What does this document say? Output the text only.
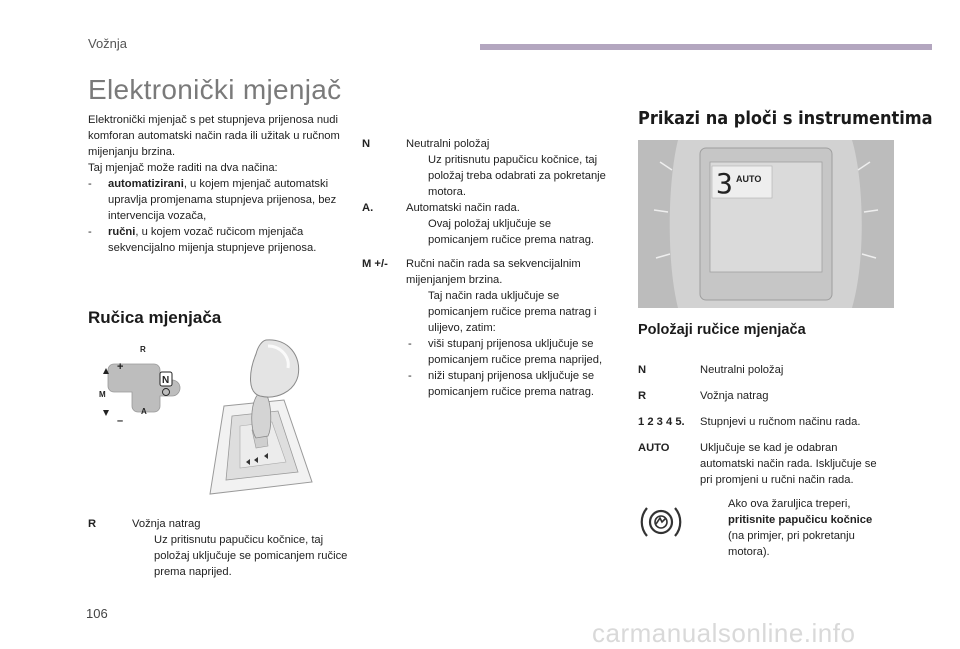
Vožnja
Elektronički mjenjač
Elektronički mjenjač s pet stupnjeva prijenosa nudi komforan automatski način rada ili užitak u ručnom mijenjanju brzina.
Taj mjenjač može raditi na dva načina:
-	automatizirani, u kojem mjenjač automatski upravlja promjenama stupnjeva prijenosa, bez intervencija vozača,
-	ručni, u kojem vozač ručicom mjenjača sekvencijalno mijenja stupnjeve prijenosa.
Ručica mjenjača
R
A
M
+
–
N
R	Vožnja natrag
Uz pritisnutu papučicu kočnice, taj položaj uključuje se pomicanjem ručice prema naprijed.
N	Neutralni položaj
Uz pritisnutu papučicu kočnice, taj položaj treba odabrati za pokretanje motora.
A.	Automatski način rada.
Ovaj položaj uključuje se pomicanjem ručice prema natrag.
M +/-	Ručni način rada sa sekvencijalnim mijenjanjem brzina.
Taj način rada uključuje se pomicanjem ručice prema natrag i ulijevo, zatim:
-	viši stupanj prijenosa uključuje se pomicanjem ručice prema naprijed,
-	niži stupanj prijenosa uključuje se pomicanjem ručice prema natrag.
Prikazi na ploči s instrumentima
3 AUTO
Položaji ručice mjenjača
N	Neutralni položaj
R	Vožnja natrag
1 2 3 4 5.	Stupnjevi u ručnom načinu rada.
AUTO	Uključuje se kad je odabran automatski način rada. Isključuje se pri promjeni u ručni način rada.
Ako ova žaruljica treperi, pritisnite papučicu kočnice (na primjer, pri pokretanju motora).
106
carmanualsonline.info
